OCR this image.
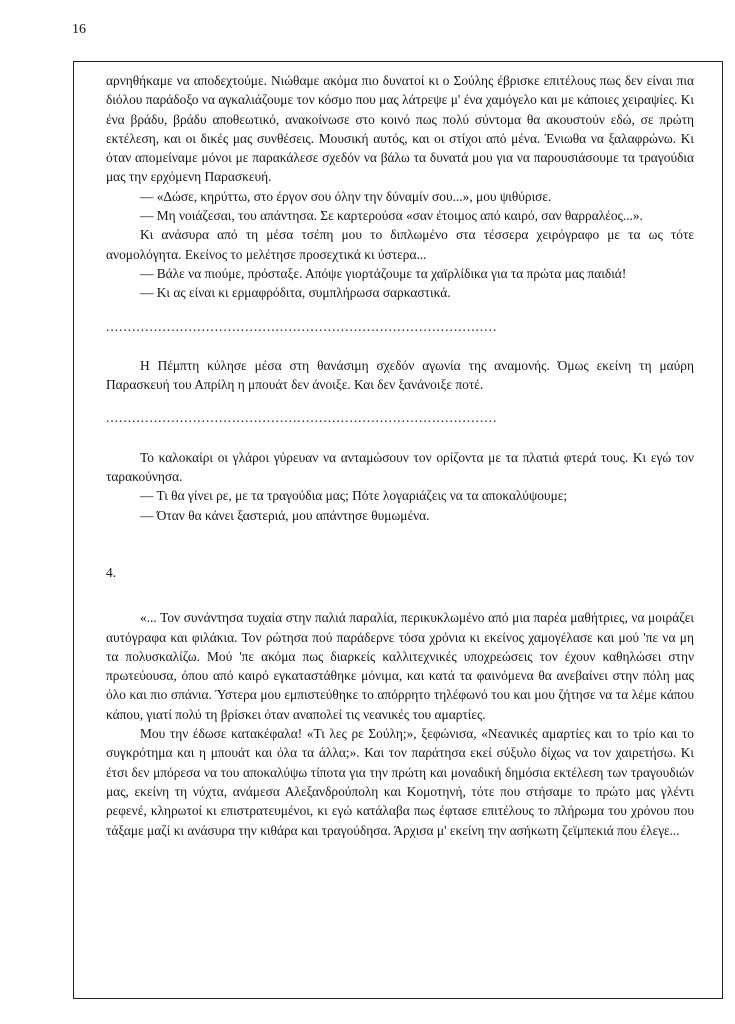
16

αρνηθήκαμε να αποδεχτούμε. Νιώθαμε ακόμα πιο δυνατοί κι ο Σούλης έβρισκε επιτέλους πως δεν είναι πια διόλου παράδοξο να αγκαλιάζουμε τον κόσμο που μας λάτρεψε μ' ένα χαμόγελο και με κάποιες χειραψίες. Κι ένα βράδυ, βράδυ αποθεωτικό, ανακοίνωσε στο κοινό πως πολύ σύντομα θα ακουστούν εδώ, σε πρώτη εκτέλεση, και οι δικές μας συνθέσεις. Μουσική αυτός, και οι στίχοι από μένα. Ένιωθα να ξαλαφρώνω. Κι όταν απομείναμε μόνοι με παρακάλεσε σχεδόν να βάλω τα δυνατά μου για να παρουσιάσουμε τα τραγούδια μας την ερχόμενη Παρασκευή.

— «Δώσε, κηρύττω, στο έργον σου όλην την δύναμίν σου...», μου ψιθύρισε.

— Μη νοιάζεσαι, του απάντησα. Σε καρτερούσα «σαν έτοιμος από καιρό, σαν θαρραλέος...».

Κι ανάσυρα από τη μέσα τσέπη μου το διπλωμένο στα τέσσερα χειρόγραφο με τα ως τότε ανομολόγητα. Εκείνος το μελέτησε προσεχτικά κι ύστερα...

— Βάλε να πιούμε, πρόσταξε. Απόψε γιορτάζουμε τα χαϊρλίδικα για τα πρώτα μας παιδιά!

— Κι ας είναι κι ερμαφρόδιτα, συμπλήρωσα σαρκαστικά.

..........................................................................................

Η Πέμπτη κύλησε μέσα στη θανάσιμη σχεδόν αγωνία της αναμονής. Όμως εκείνη τη μαύρη Παρασκευή του Απρίλη η μπουάτ δεν άνοιξε. Και δεν ξανάνοιξε ποτέ.

..........................................................................................

Το καλοκαίρι οι γλάροι γύρευαν να ανταμώσουν τον ορίζοντα με τα πλατιά φτερά τους. Κι εγώ τον ταρακούνησα.

— Τι θα γίνει ρε, με τα τραγούδια μας; Πότε λογαριάζεις να τα αποκαλύψουμε;

— Όταν θα κάνει ξαστεριά, μου απάντησε θυμωμένα.

4.

«... Τον συνάντησα τυχαία στην παλιά παραλία, περικυκλωμένο από μια παρέα μαθήτριες, να μοιράζει αυτόγραφα και φιλάκια. Τον ρώτησα πού παράδερνε τόσα χρόνια κι εκείνος χαμογέλασε και μού 'πε να μη τα πολυσκαλίζω. Μού 'πε ακόμα πως διαρκείς καλλιτεχνικές υποχρεώσεις τον έχουν καθηλώσει στην πρωτεύουσα, όπου από καιρό εγκαταστάθηκε μόνιμα, και κατά τα φαινόμενα θα ανεβαίνει στην πόλη μας όλο και πιο σπάνια. Ύστερα μου εμπιστεύθηκε το απόρρητο τηλέφωνό του και μου ζήτησε να τα λέμε κάπου κάπου, γιατί πολύ τη βρίσκει όταν αναπολεί τις νεανικές του αμαρτίες.

Μου την έδωσε κατακέφαλα! «Τι λες ρε Σούλη;», ξεφώνισα, «Νεανικές αμαρτίες και το τρίο και το συγκρότημα και η μπουάτ και όλα τα άλλα;». Και τον παράτησα εκεί σύξυλο δίχως να τον χαιρετήσω. Κι έτσι δεν μπόρεσα να του αποκαλύψω τίποτα για την πρώτη και μοναδική δημόσια εκτέλεση των τραγουδιών μας, εκείνη τη νύχτα, ανάμεσα Αλεξανδρούπολη και Κομοτηνή, τότε που στήσαμε το πρώτο μας γλέντι ρεφενέ, κληρωτοί κι επιστρατευμένοι, κι εγώ κατάλαβα πως έφτασε επιτέλους το πλήρωμα του χρόνου που τάξαμε μαζί κι ανάσυρα την κιθάρα και τραγούδησα. Άρχισα μ' εκείνη την ασήκωτη ζεϊμπεκιά που έλεγε...
